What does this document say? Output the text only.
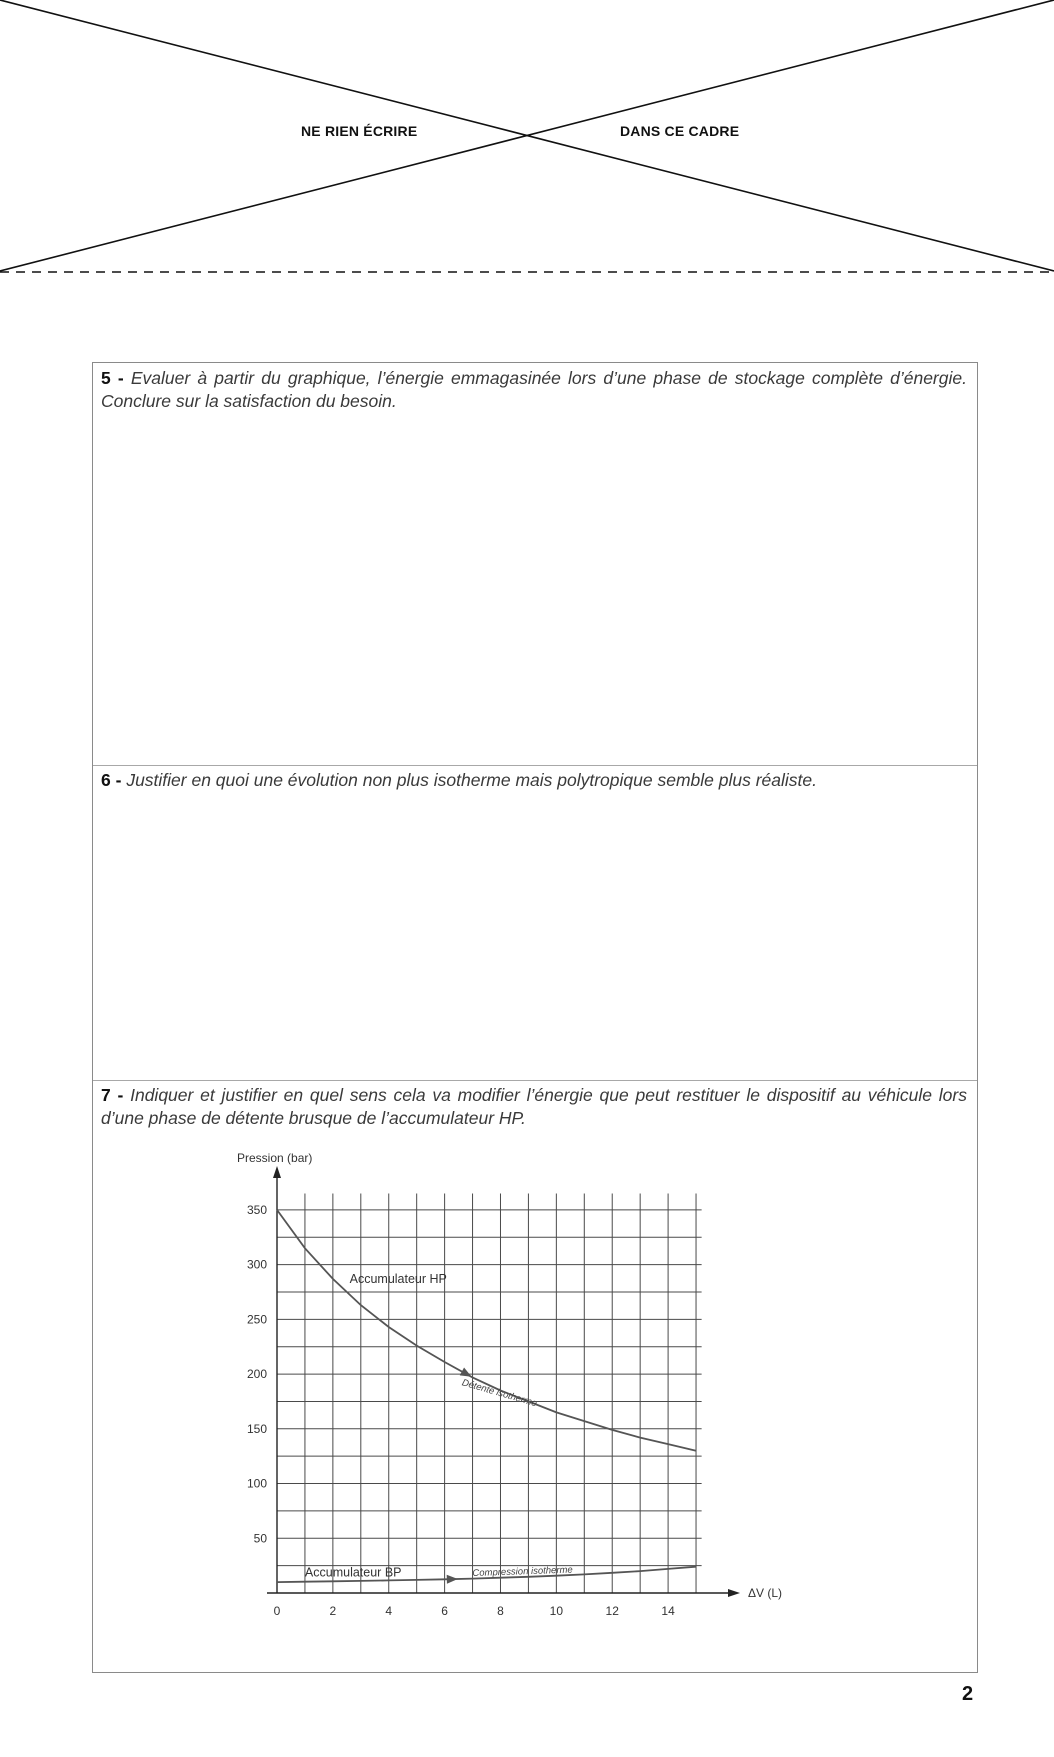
NE RIEN ÉCRIRE	DANS CE CADRE
5 - Evaluer à partir du graphique, l’énergie emmagasinée lors d’une phase de stockage complète d’énergie. Conclure sur la satisfaction du besoin.
6 - Justifier en quoi une évolution non plus isotherme mais polytropique semble plus réaliste.
7 - Indiquer et justifier en quel sens cela va modifier l’énergie que peut restituer le dispositif au véhicule lors d’une phase de détente brusque de l’accumulateur HP.
50
100
150
200
250
300
350
0	2	4	6	8	10	12	14
Pression (bar)
ΔV (L)
Accumulateur HP
Détente isotherme
Accumulateur BP	Compression isotherme
2
